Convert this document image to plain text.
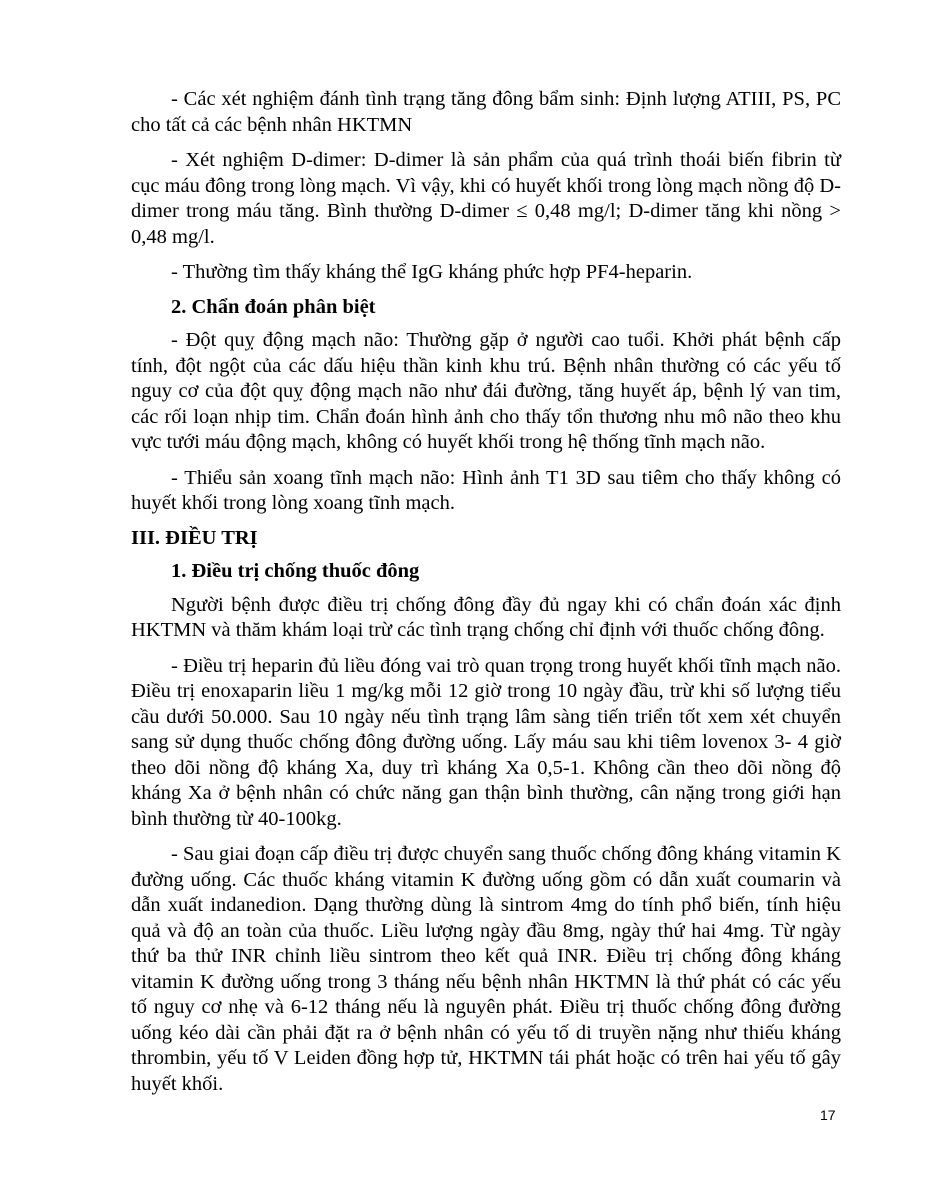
- Các xét nghiệm đánh tình trạng tăng đông bẩm sinh: Định lượng ATIII, PS, PC cho tất cả các bệnh nhân HKTMN

- Xét nghiệm D-dimer: D-dimer là sản phẩm của quá trình thoái biến fibrin từ cục máu đông trong lòng mạch. Vì vậy, khi có huyết khối trong lòng mạch nồng độ D-dimer trong máu tăng. Bình thường D-dimer ≤ 0,48 mg/l; D-dimer tăng khi nồng > 0,48 mg/l.

- Thường tìm thấy kháng thể IgG kháng phức hợp PF4-heparin.

2. Chẩn đoán phân biệt

- Đột quỵ động mạch não: Thường gặp ở người cao tuổi. Khởi phát bệnh cấp tính, đột ngột của các dấu hiệu thần kinh khu trú. Bệnh nhân thường có các yếu tố nguy cơ của đột quỵ động mạch não như đái đường, tăng huyết áp, bệnh lý van tim, các rối loạn nhịp tim. Chẩn đoán hình ảnh cho thấy tổn thương nhu mô não theo khu vực tưới máu động mạch, không có huyết khối trong hệ thống tĩnh mạch não.

- Thiểu sản xoang tĩnh mạch não: Hình ảnh T1 3D sau tiêm cho thấy không có huyết khối trong lòng xoang tĩnh mạch.

III. ĐIỀU TRỊ
1. Điều trị chống thuốc đông

Người bệnh được điều trị chống đông đầy đủ ngay khi có chẩn đoán xác định HKTMN và thăm khám loại trừ các tình trạng chống chỉ định với thuốc chống đông.

- Điều trị heparin đủ liều đóng vai trò quan trọng trong huyết khối tĩnh mạch não. Điều trị enoxaparin liều 1 mg/kg mỗi 12 giờ trong 10 ngày đầu, trừ khi số lượng tiểu cầu dưới 50.000. Sau 10 ngày nếu tình trạng lâm sàng tiến triển tốt xem xét chuyển sang sử dụng thuốc chống đông đường uống. Lấy máu sau khi tiêm lovenox 3- 4 giờ theo dõi nồng độ kháng Xa, duy trì kháng Xa 0,5-1. Không cần theo dõi nồng độ kháng Xa ở bệnh nhân có chức năng gan thận bình thường, cân nặng trong giới hạn bình thường từ 40-100kg.

- Sau giai đoạn cấp điều trị được chuyển sang thuốc chống đông kháng vitamin K đường uống. Các thuốc kháng vitamin K đường uống gồm có dẫn xuất coumarin và dẫn xuất indanedion. Dạng thường dùng là sintrom 4mg do tính phổ biến, tính hiệu quả và độ an toàn của thuốc. Liều lượng ngày đầu 8mg, ngày thứ hai 4mg. Từ ngày thứ ba thử INR chỉnh liều sintrom theo kết quả INR. Điều trị chống đông kháng vitamin K đường uống trong 3 tháng nếu bệnh nhân HKTMN là thứ phát có các yếu tố nguy cơ nhẹ và 6-12 tháng nếu là nguyên phát. Điều trị thuốc chống đông đường uống kéo dài cần phải đặt ra ở bệnh nhân có yếu tố di truyền nặng như thiếu kháng thrombin, yếu tố V Leiden đồng hợp tử, HKTMN tái phát hoặc có trên hai yếu tố gây huyết khối.

17
